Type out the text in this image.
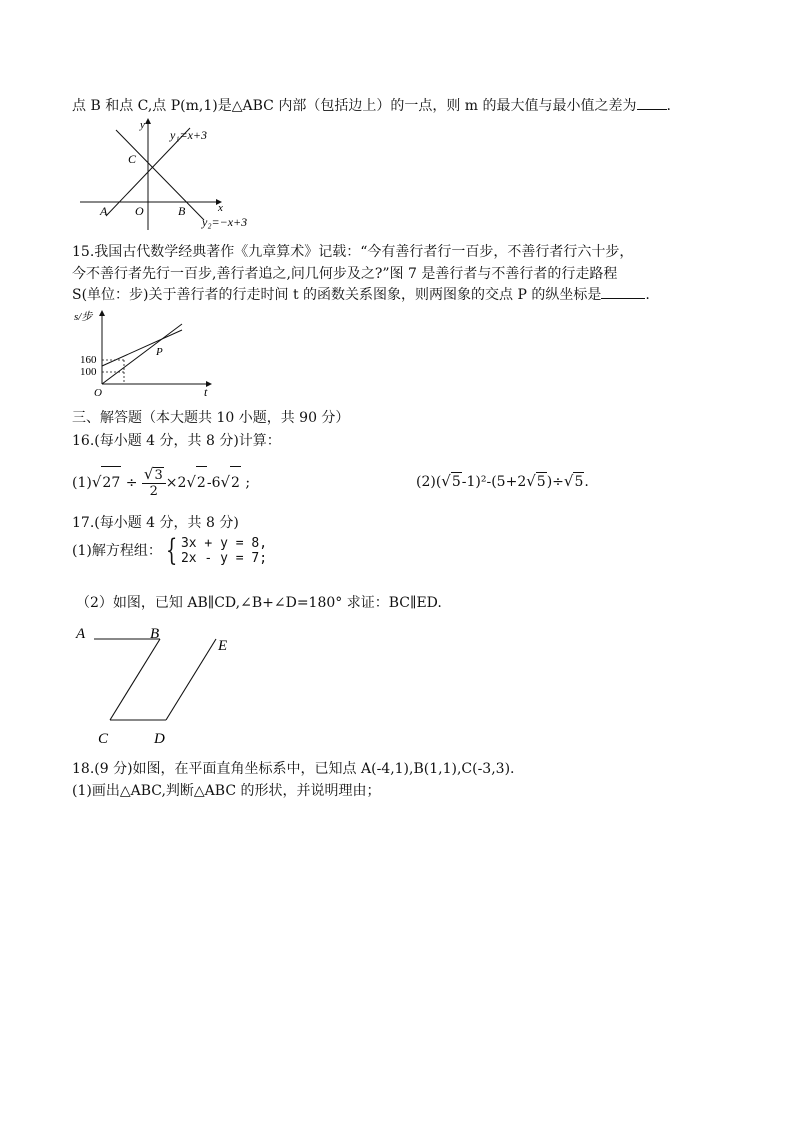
点 B 和点 C,点 P(m,1)是△ABC 内部（包括边上）的一点，则 m 的最大值与最小值之差为 .
y
x
y₁=x+3
y₂=−x+3
A O	B
C
15.我国古代数学经典著作《九章算术》记载：“今有善行者行一百步，不善行者行六十步，
今不善行者先行一百步,善行者追之,问几何步及之?”图 7 是善行者与不善行者的行走路程
S(单位：步)关于善行者的行走时间 t 的函数关系图象，则两图象的交点 P 的纵坐标是	.
s/步
t
160
100
O
P
三、解答题（本大题共 10 小题，共 90 分）
16.(每小题 4 分，共 8 分)计算：
$(1)√27 \div \frac{√3}{2} \times 2√2-6√2$ ;	(2)(√5-1)²-(5+2√5)÷√5.
17.(每小题 4 分，共 8 分)
(1)解方程组： { 3x + y = 8,
2x - y = 7;
（2）如图，已知 AB∥CD,∠B+∠D=180° 求证：BC∥ED.
A	B
E
C	D
18.(9 分)如图，在平面直角坐标系中，已知点 A(-4,1),B(1,1),C(-3,3).
(1)画出△ABC,判断△ABC 的形状，并说明理由；
